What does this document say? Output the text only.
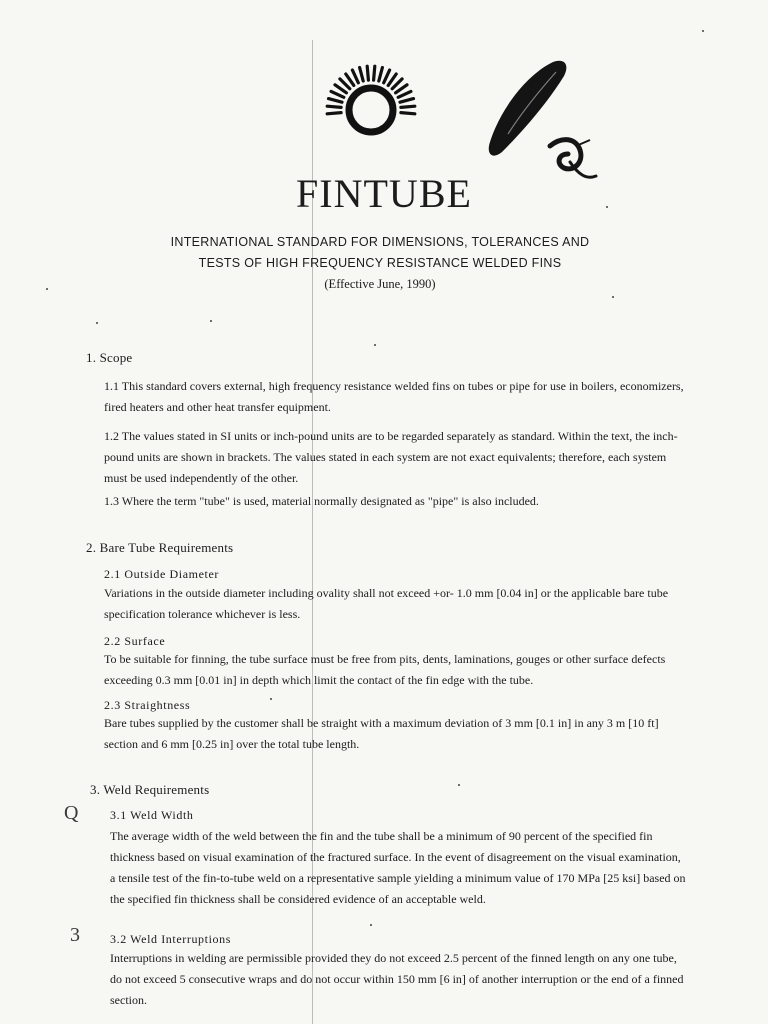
FINTUBE
INTERNATIONAL STANDARD FOR DIMENSIONS, TOLERANCES AND
TESTS OF HIGH FREQUENCY RESISTANCE WELDED FINS
(Effective June, 1990)
1. Scope
1.1 This standard covers external, high frequency resistance welded fins on tubes or pipe for use in boilers, economizers, fired heaters and other heat transfer equipment.
1.2 The values stated in SI units or inch-pound units are to be regarded separately as standard. Within the text, the inch-pound units are shown in brackets. The values stated in each system are not exact equivalents; therefore, each system must be used independently of the other.
1.3 Where the term "tube" is used, material normally designated as "pipe" is also included.
2. Bare Tube Requirements
2.1 Outside Diameter
Variations in the outside diameter including ovality shall not exceed +or- 1.0 mm [0.04 in] or the applicable bare tube specification tolerance whichever is less.
2.2 Surface
To be suitable for finning, the tube surface must be free from pits, dents, laminations, gouges or other surface defects exceeding 0.3 mm [0.01 in] in depth which limit the contact of the fin edge with the tube.
2.3 Straightness
Bare tubes supplied by the customer shall be straight with a maximum deviation of 3 mm [0.1 in] in any 3 m [10 ft] section and 6 mm [0.25 in] over the total tube length.
3. Weld Requirements
Q	3.1 Weld Width
The average width of the weld between the fin and the tube shall be a minimum of 90 percent of the specified fin thickness based on visual examination of the fractured surface. In the event of disagreement on the visual examination, a tensile test of the fin-to-tube weld on a representative sample yielding a minimum value of 170 MPa [25 ksi] based on the specified fin thickness shall be considered evidence of an acceptable weld.
3	3.2 Weld Interruptions
Interruptions in welding are permissible provided they do not exceed 2.5 percent of the finned length on any one tube, do not exceed 5 consecutive wraps and do not occur within 150 mm [6 in] of another interruption or the end of a finned section.
